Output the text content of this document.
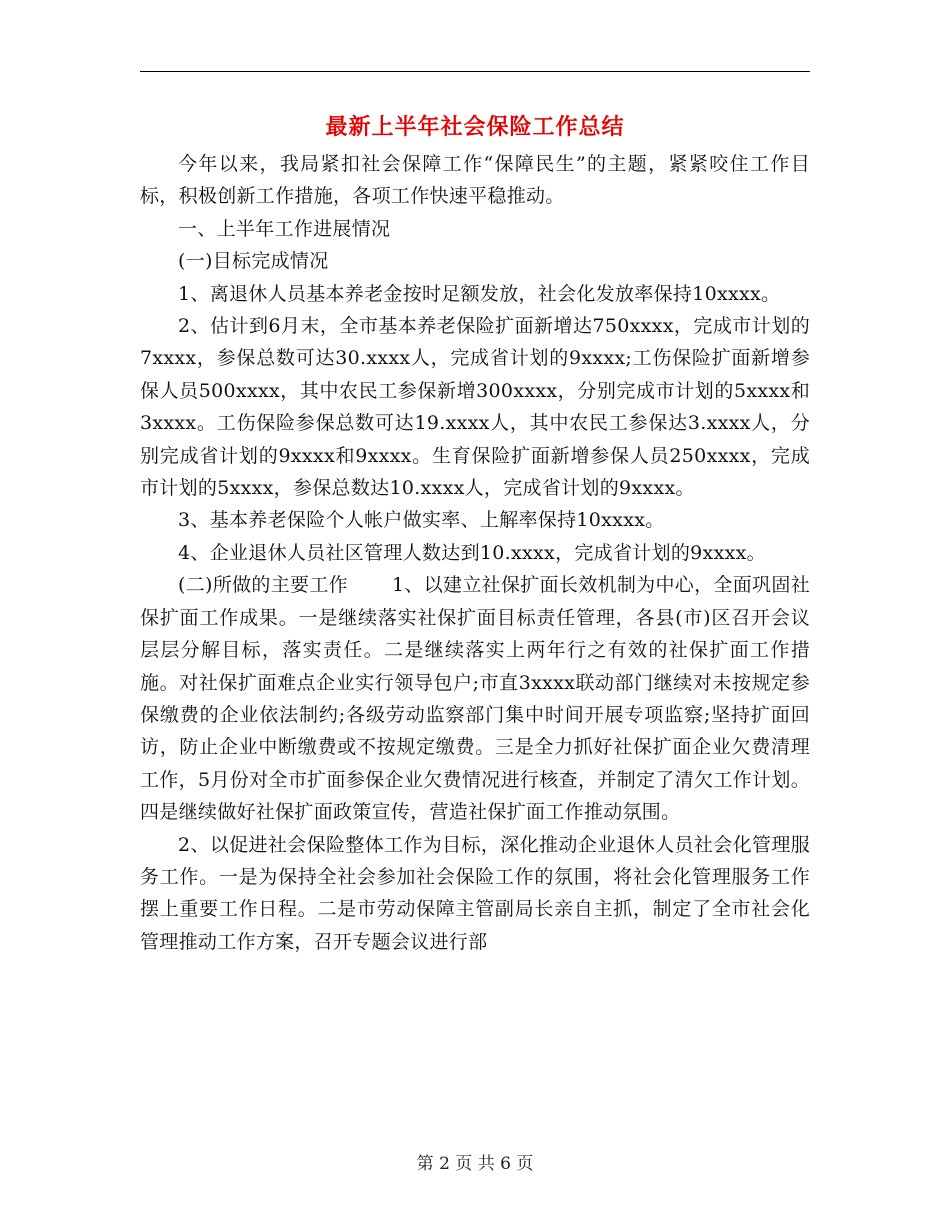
最新上半年社会保险工作总结

今年以来，我局紧扣社会保障工作“保障民生”的主题，紧紧咬住工作目标，积极创新工作措施，各项工作快速平稳推动。

一、上半年工作进展情况

(一)目标完成情况

1、离退休人员基本养老金按时足额发放，社会化发放率保持10xxxx。

2、估计到6月末，全市基本养老保险扩面新增达750xxxx，完成市计划的7xxxx，参保总数可达30.xxxx人，完成省计划的9xxxx;工伤保险扩面新增参保人员500xxxx，其中农民工参保新增300xxxx，分别完成市计划的5xxxx和3xxxx。工伤保险参保总数可达19.xxxx人，其中农民工参保达3.xxxx人，分别完成省计划的9xxxx和9xxxx。生育保险扩面新增参保人员250xxxx，完成市计划的5xxxx，参保总数达10.xxxx人，完成省计划的9xxxx。

3、基本养老保险个人帐户做实率、上解率保持10xxxx。

4、企业退休人员社区管理人数达到10.xxxx，完成省计划的9xxxx。

(二)所做的主要工作 1、以建立社保扩面长效机制为中心，全面巩固社保扩面工作成果。一是继续落实社保扩面目标责任管理，各县(市)区召开会议层层分解目标，落实责任。二是继续落实上两年行之有效的社保扩面工作措施。对社保扩面难点企业实行领导包户;市直3xxxx联动部门继续对未按规定参保缴费的企业依法制约;各级劳动监察部门集中时间开展专项监察;坚持扩面回访，防止企业中断缴费或不按规定缴费。三是全力抓好社保扩面企业欠费清理工作，5月份对全市扩面参保企业欠费情况进行核查，并制定了清欠工作计划。四是继续做好社保扩面政策宣传，营造社保扩面工作推动氛围。

2、以促进社会保险整体工作为目标，深化推动企业退休人员社会化管理服务工作。一是为保持全社会参加社会保险工作的氛围，将社会化管理服务工作摆上重要工作日程。二是市劳动保障主管副局长亲自主抓，制定了全市社会化管理推动工作方案，召开专题会议进行部

第 2 页 共 6 页
